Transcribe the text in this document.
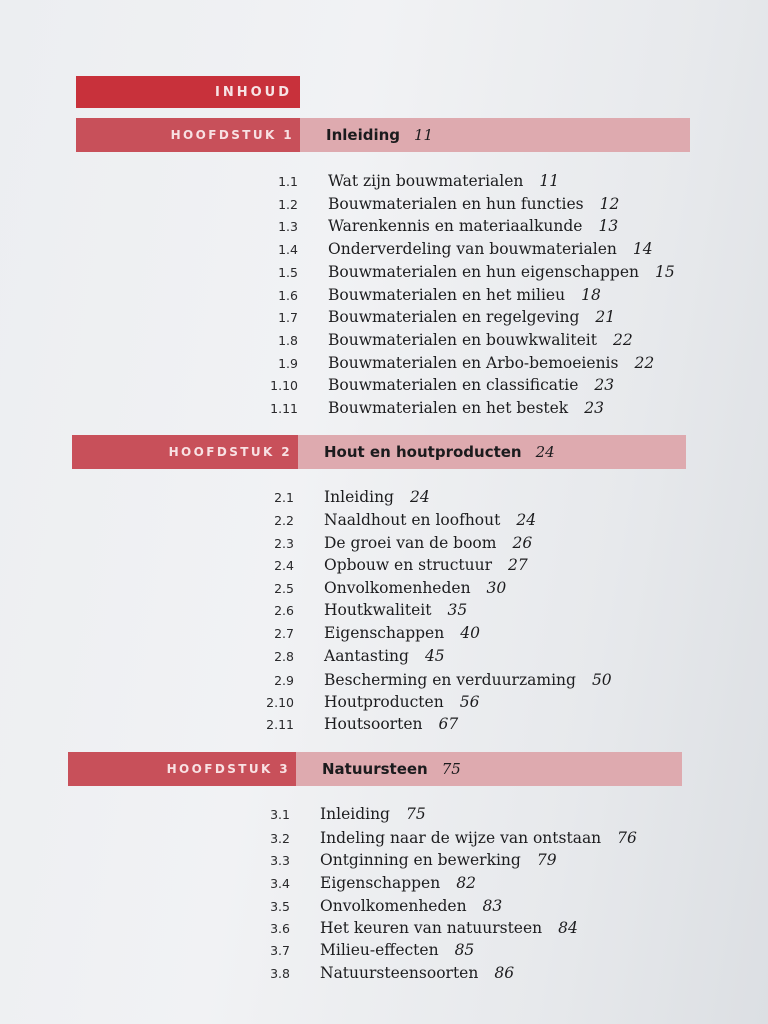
INHOUD
HOOFDSTUK 1 Inleiding 11
1.1 Wat zijn bouwmaterialen 11
1.2 Bouwmaterialen en hun functies 12
1.3 Warenkennis en materiaalkunde 13
1.4 Onderverdeling van bouwmaterialen 14
1.5 Bouwmaterialen en hun eigenschappen 15
1.6 Bouwmaterialen en het milieu 18
1.7 Bouwmaterialen en regelgeving 21
1.8 Bouwmaterialen en bouwkwaliteit 22
1.9 Bouwmaterialen en Arbo-bemoeienis 22
1.10 Bouwmaterialen en classificatie 23
1.11 Bouwmaterialen en het bestek 23
HOOFDSTUK 2 Hout en houtproducten 24
2.1 Inleiding 24
2.2 Naaldhout en loofhout 24
2.3 De groei van de boom 26
2.4 Opbouw en structuur 27
2.5 Onvolkomenheden 30
2.6 Houtkwaliteit 35
2.7 Eigenschappen 40
2.8 Aantasting 45
2.9 Bescherming en verduurzaming 50
2.10 Houtproducten 56
2.11 Houtsoorten 67
HOOFDSTUK 3 Natuursteen 75
3.1 Inleiding 75
3.2 Indeling naar de wijze van ontstaan 76
3.3 Ontginning en bewerking 79
3.4 Eigenschappen 82
3.5 Onvolkomenheden 83
3.6 Het keuren van natuursteen 84
3.7 Milieu-effecten 85
3.8 Natuursteensoorten 86
